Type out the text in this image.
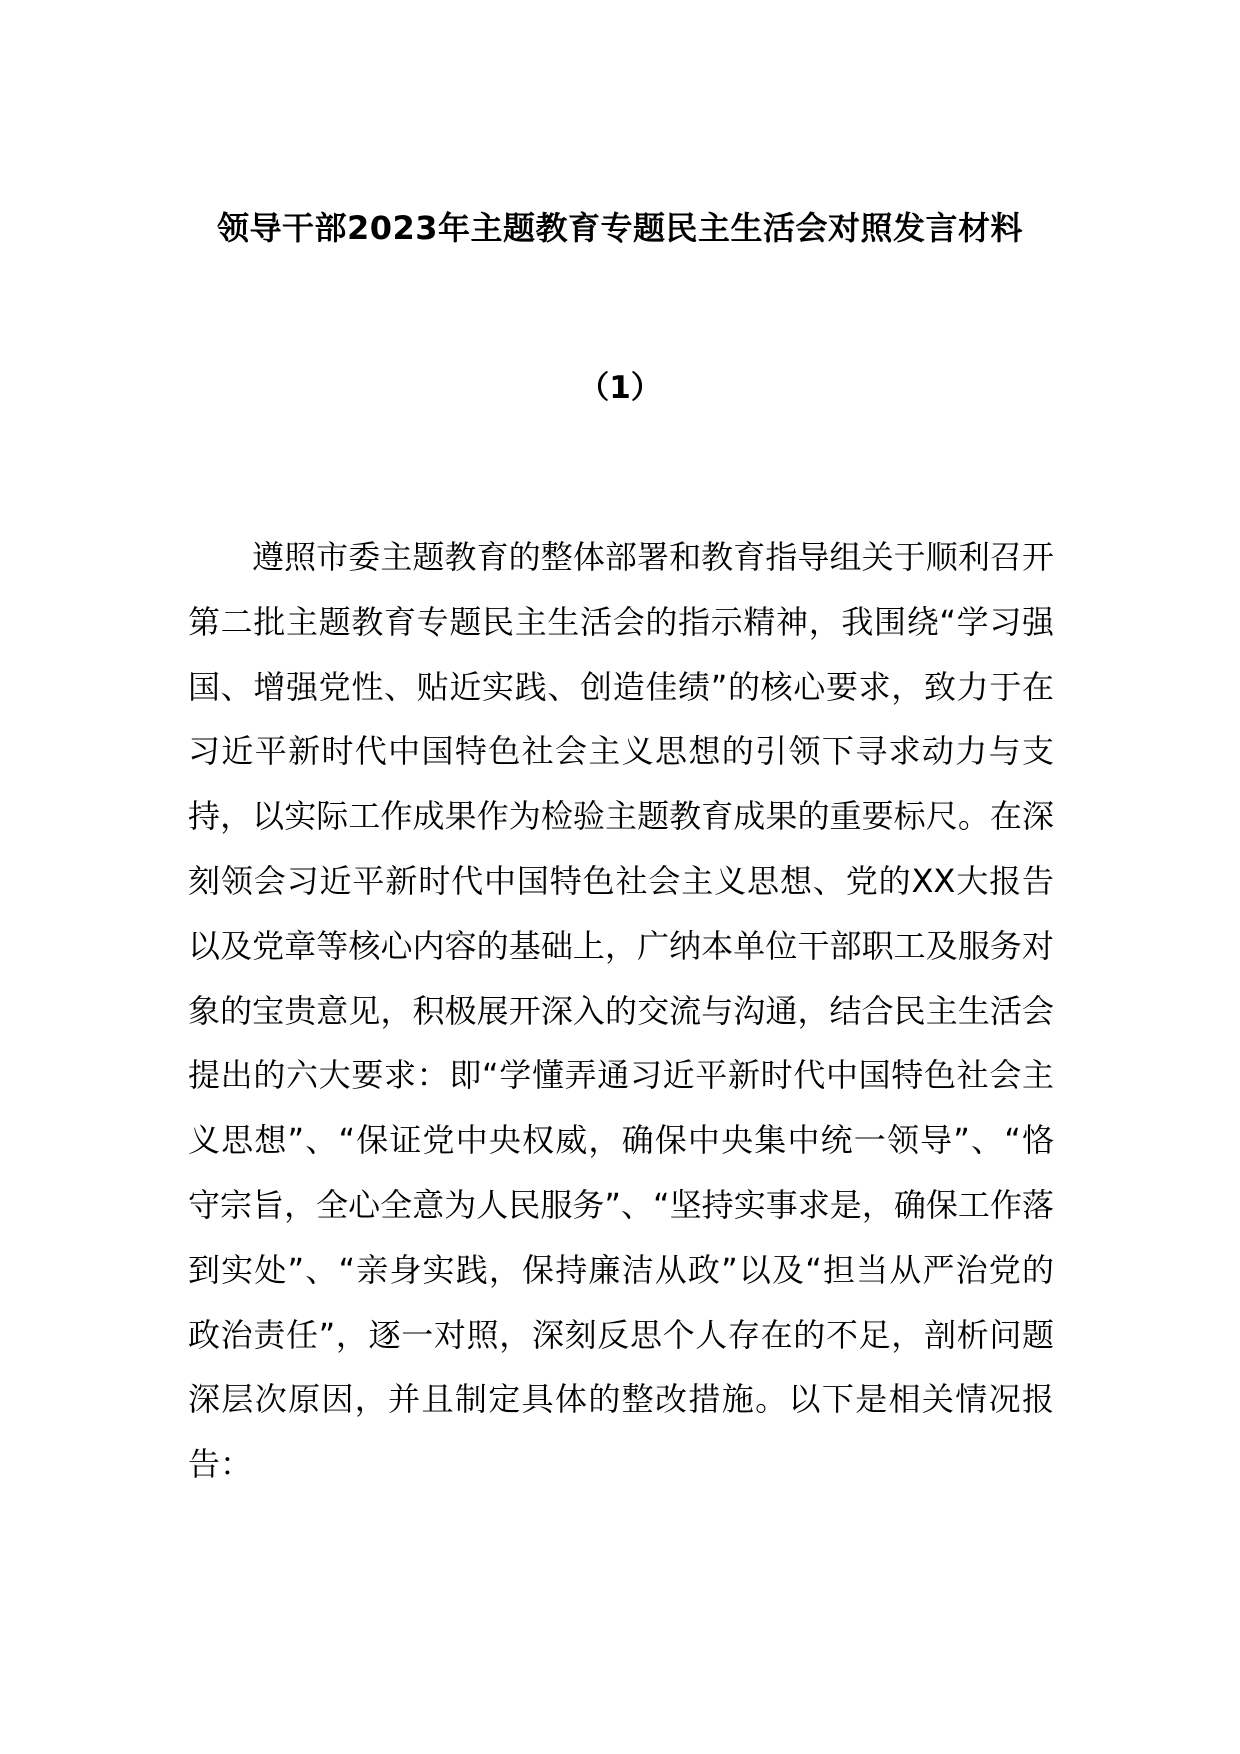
领导干部2023年主题教育专题民主生活会对照发言材料
（1）

遵照市委主题教育的整体部署和教育指导组关于顺利召开第二批主题教育专题民主生活会的指示精神，我围绕“学习强国、增强党性、贴近实践、创造佳绩”的核心要求，致力于在习近平新时代中国特色社会主义思想的引领下寻求动力与支持，以实际工作成果作为检验主题教育成果的重要标尺。在深刻领会习近平新时代中国特色社会主义思想、党的XX大报告以及党章等核心内容的基础上，广纳本单位干部职工及服务对象的宝贵意见，积极展开深入的交流与沟通，结合民主生活会提出的六大要求：即“学懂弄通习近平新时代中国特色社会主义思想”、“保证党中央权威，确保中央集中统一领导”、“恪守宗旨，全心全意为人民服务”、“坚持实事求是，确保工作落到实处”、“亲身实践，保持廉洁从政”以及“担当从严治党的政治责任”，逐一对照，深刻反思个人存在的不足，剖析问题深层次原因，并且制定具体的整改措施。以下是相关情况报告：
